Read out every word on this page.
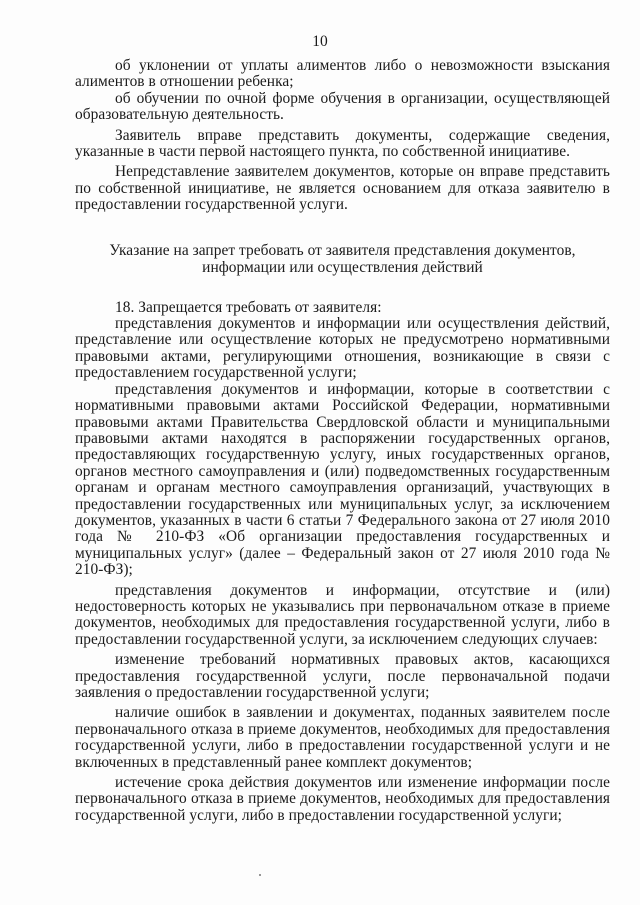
10

об уклонении от уплаты алиментов либо о невозможности взыскания алиментов в отношении ребенка;

об обучении по очной форме обучения в организации, осуществляющей образовательную деятельность.

Заявитель вправе представить документы, содержащие сведения, указанные в части первой настоящего пункта, по собственной инициативе.

Непредставление заявителем документов, которые он вправе представить по собственной инициативе, не является основанием для отказа заявителю в предоставлении государственной услуги.

Указание на запрет требовать от заявителя представления документов,
информации или осуществления действий

18. Запрещается требовать от заявителя:

представления документов и информации или осуществления действий, представление или осуществление которых не предусмотрено нормативными правовыми актами, регулирующими отношения, возникающие в связи с предоставлением государственной услуги;

представления документов и информации, которые в соответствии с нормативными правовыми актами Российской Федерации, нормативными правовыми актами Правительства Свердловской области и муниципальными правовыми актами находятся в распоряжении государственных органов, предоставляющих государственную услугу, иных государственных органов, органов местного самоуправления и (или) подведомственных государственным органам и органам местного самоуправления организаций, участвующих в предоставлении государственных или муниципальных услуг, за исключением документов, указанных в части 6 статьи 7 Федерального закона от 27 июля 2010 года № 210-ФЗ «Об организации предоставления государственных и муниципальных услуг» (далее – Федеральный закон от 27 июля 2010 года № 210-ФЗ);

представления документов и информации, отсутствие и (или) недостоверность которых не указывались при первоначальном отказе в приеме документов, необходимых для предоставления государственной услуги, либо в предоставлении государственной услуги, за исключением следующих случаев:

изменение требований нормативных правовых актов, касающихся предоставления государственной услуги, после первоначальной подачи заявления о предоставлении государственной услуги;

наличие ошибок в заявлении и документах, поданных заявителем после первоначального отказа в приеме документов, необходимых для предоставления государственной услуги, либо в предоставлении государственной услуги и не включенных в представленный ранее комплект документов;

истечение срока действия документов или изменение информации после первоначального отказа в приеме документов, необходимых для предоставления государственной услуги, либо в предоставлении государственной услуги;
